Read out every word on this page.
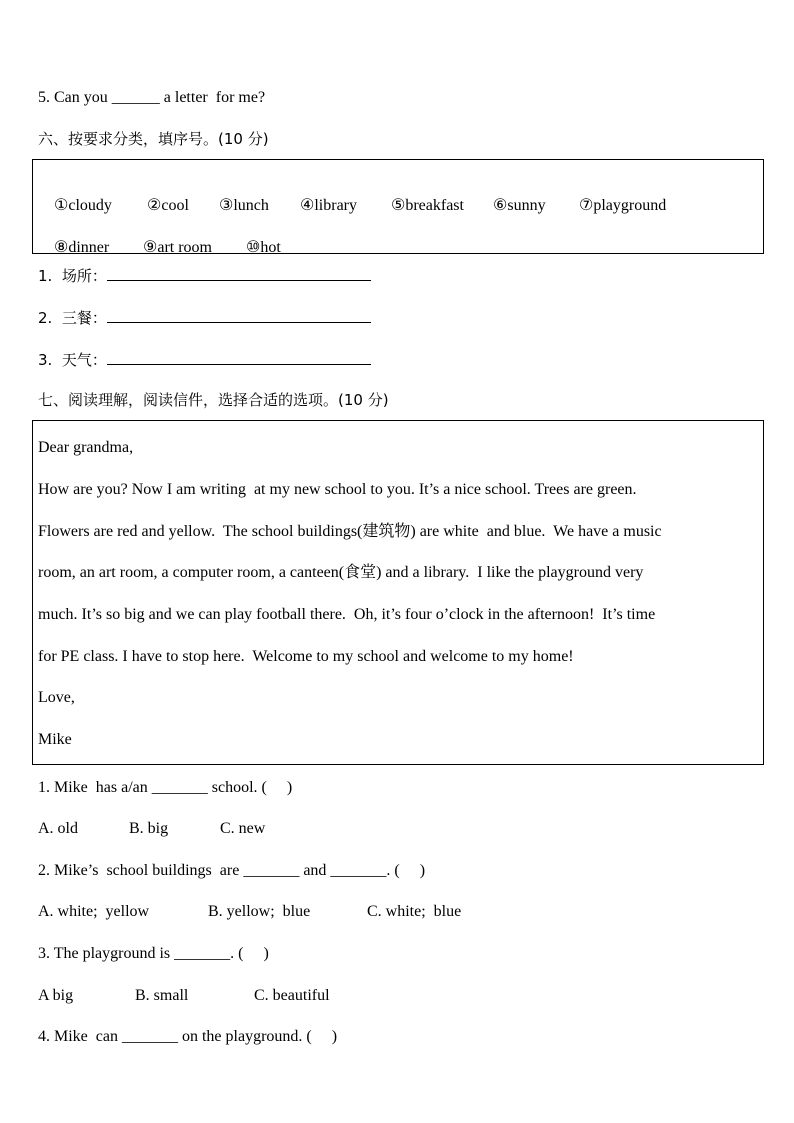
5. Can you ______ a letter  for me?
六、按要求分类，填序号。(10 分)

①cloudy ②cool ③lunch ④library ⑤breakfast ⑥sunny ⑦playground

⑧dinner ⑨art room ⑩hot

1.  场所：
2.  三餐：
3.  天气：
七、阅读理解，阅读信件，选择合适的选项。(10 分)
Dear grandma,
How are you? Now I am writing  at my new school to you. It’s a nice school. Trees are green.
Flowers are red and yellow.  The school buildings(建筑物) are white  and blue.  We have a music
room, an art room, a computer room, a canteen(食堂) and a library.  I like the playground very
much. It’s so big and we can play football there.  Oh, it’s four o’clock in the afternoon!  It’s time
for PE class. I have to stop here.  Welcome to my school and welcome to my home!
Love,
Mike
1. Mike  has a/an _______ school. (     )
A. old	B. big	C. new
2. Mike’s  school buildings  are _______ and _______. (     )
A. white;  yellow	B. yellow;  blue	C. white;  blue
3. The playground is _______. (     )
A big	B. small	C. beautiful
4. Mike  can _______ on the playground. (     )
